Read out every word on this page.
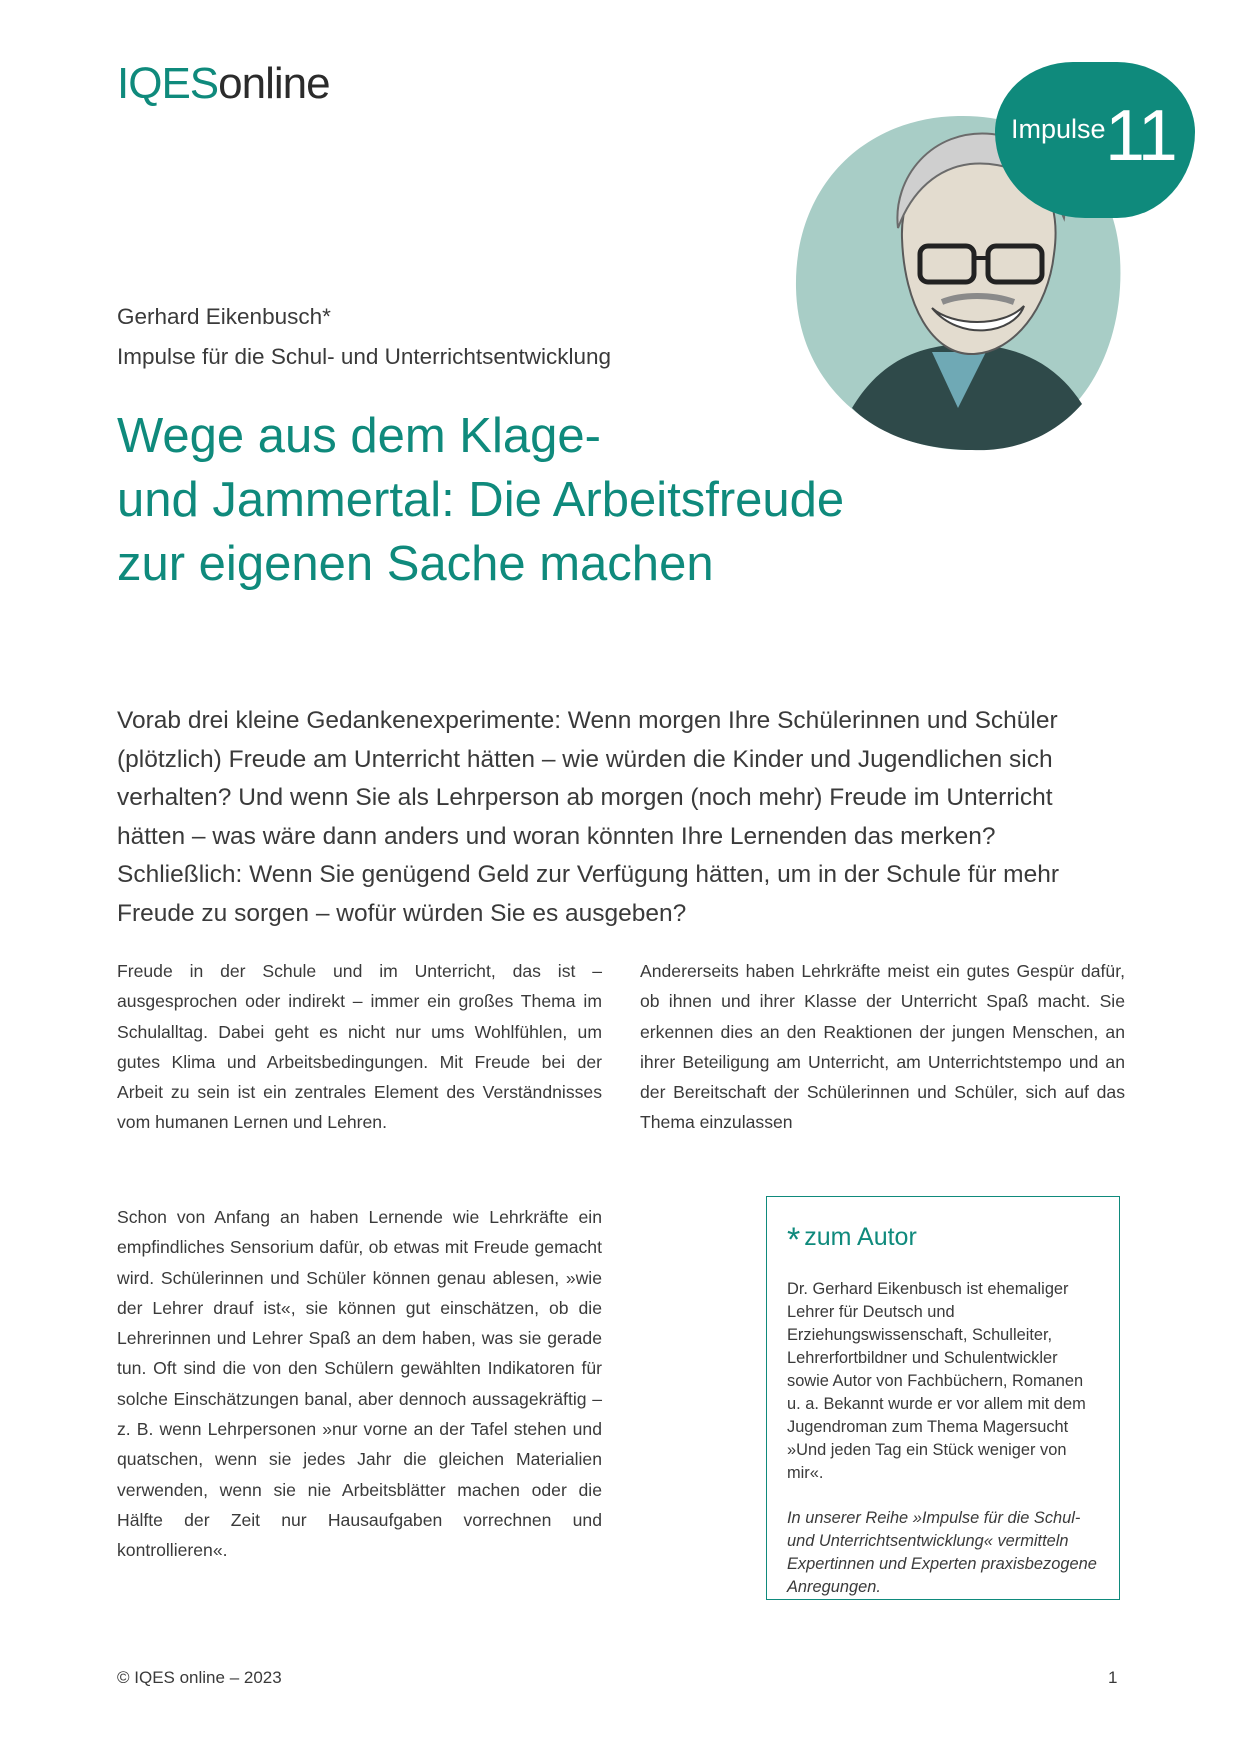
IQESonline
Impulse 11
Gerhard Eikenbusch*
Impulse für die Schul- und Unterrichtsentwicklung
Wege aus dem Klage-
und Jammertal: Die Arbeitsfreude
zur eigenen Sache machen

Vorab drei kleine Gedankenexperimente: Wenn morgen Ihre Schülerinnen und Schüler (plötzlich) Freude am Unterricht hätten – wie würden die Kinder und Jugendlichen sich verhalten? Und wenn Sie als Lehrperson ab morgen (noch mehr) Freude im Unterricht hätten – was wäre dann anders und woran könnten Ihre Lernenden das merken? Schließlich: Wenn Sie genügend Geld zur Verfügung hätten, um in der Schule für mehr Freude zu sorgen – wofür würden Sie es ausgeben?

Freude in der Schule und im Unterricht, das ist – ausgesprochen oder indirekt – immer ein großes Thema im Schulalltag. Dabei geht es nicht nur ums Wohlfühlen, um gutes Klima und Arbeitsbedingungen. Mit Freude bei der Arbeit zu sein ist ein zentrales Element des Verständnisses vom humanen Lernen und Lehren.

Schon von Anfang an haben Lernende wie Lehrkräfte ein empfindliches Sensorium dafür, ob etwas mit Freude gemacht wird. Schülerinnen und Schüler können genau ablesen, »wie der Lehrer drauf ist«, sie können gut einschätzen, ob die Lehrerinnen und Lehrer Spaß an dem haben, was sie gerade tun. Oft sind die von den Schülern gewählten Indikatoren für solche Einschätzungen banal, aber dennoch aussagekräftig – z. B. wenn Lehrpersonen »nur vorne an der Tafel stehen und quatschen, wenn sie jedes Jahr die gleichen Materialien verwenden, wenn sie nie Arbeitsblätter machen oder die Hälfte der Zeit nur Hausaufgaben vorrechnen und kontrollieren«.

Andererseits haben Lehrkräfte meist ein gutes Gespür dafür, ob ihnen und ihrer Klasse der Unterricht Spaß macht. Sie erkennen dies an den Reaktionen der jungen Menschen, an ihrer Beteiligung am Unterricht, am Unterrichtstempo und an der Bereitschaft der Schülerinnen und Schüler, sich auf das Thema einzulassen

* zum Autor

Dr. Gerhard Eikenbusch ist ehemaliger Lehrer für Deutsch und Erziehungswissenschaft, Schulleiter, Lehrerfortbildner und Schulentwickler sowie Autor von Fachbüchern, Romanen u. a. Bekannt wurde er vor allem mit dem Jugendroman zum Thema Magersucht »Und jeden Tag ein Stück weniger von mir«.

In unserer Reihe »Impulse für die Schul- und Unterrichtsentwicklung« vermitteln Expertinnen und Experten praxisbezogene Anregungen.

© IQES online – 2023	1
